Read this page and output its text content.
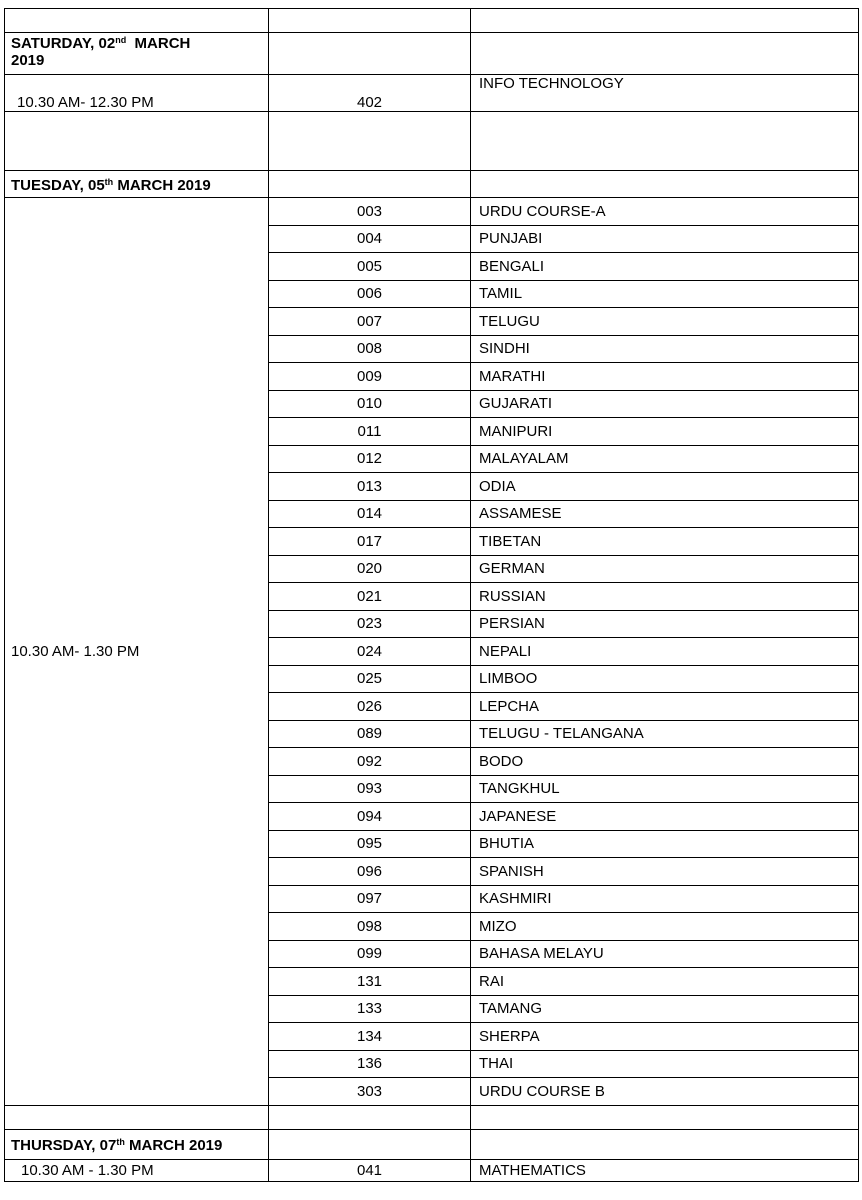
SATURDAY, 02nd MARCH
2019		
10.30 AM- 12.30 PM	402	INFO TECHNOLOGY

TUESDAY, 05th MARCH 2019		
10.30 AM- 1.30 PM	003	URDU COURSE-A
	004	PUNJABI
	005	BENGALI
	006	TAMIL
	007	TELUGU
	008	SINDHI
	009	MARATHI
	010	GUJARATI
	011	MANIPURI
	012	MALAYALAM
	013	ODIA
	014	ASSAMESE
	017	TIBETAN
	020	GERMAN
	021	RUSSIAN
	023	PERSIAN
	024	NEPALI
	025	LIMBOO
	026	LEPCHA
	089	TELUGU - TELANGANA
	092	BODO
	093	TANGKHUL
	094	JAPANESE
	095	BHUTIA
	096	SPANISH
	097	KASHMIRI
	098	MIZO
	099	BAHASA MELAYU
	131	RAI
	133	TAMANG
	134	SHERPA
	136	THAI
	303	URDU COURSE B

THURSDAY, 07th MARCH 2019		
10.30 AM - 1.30 PM	041	MATHEMATICS
